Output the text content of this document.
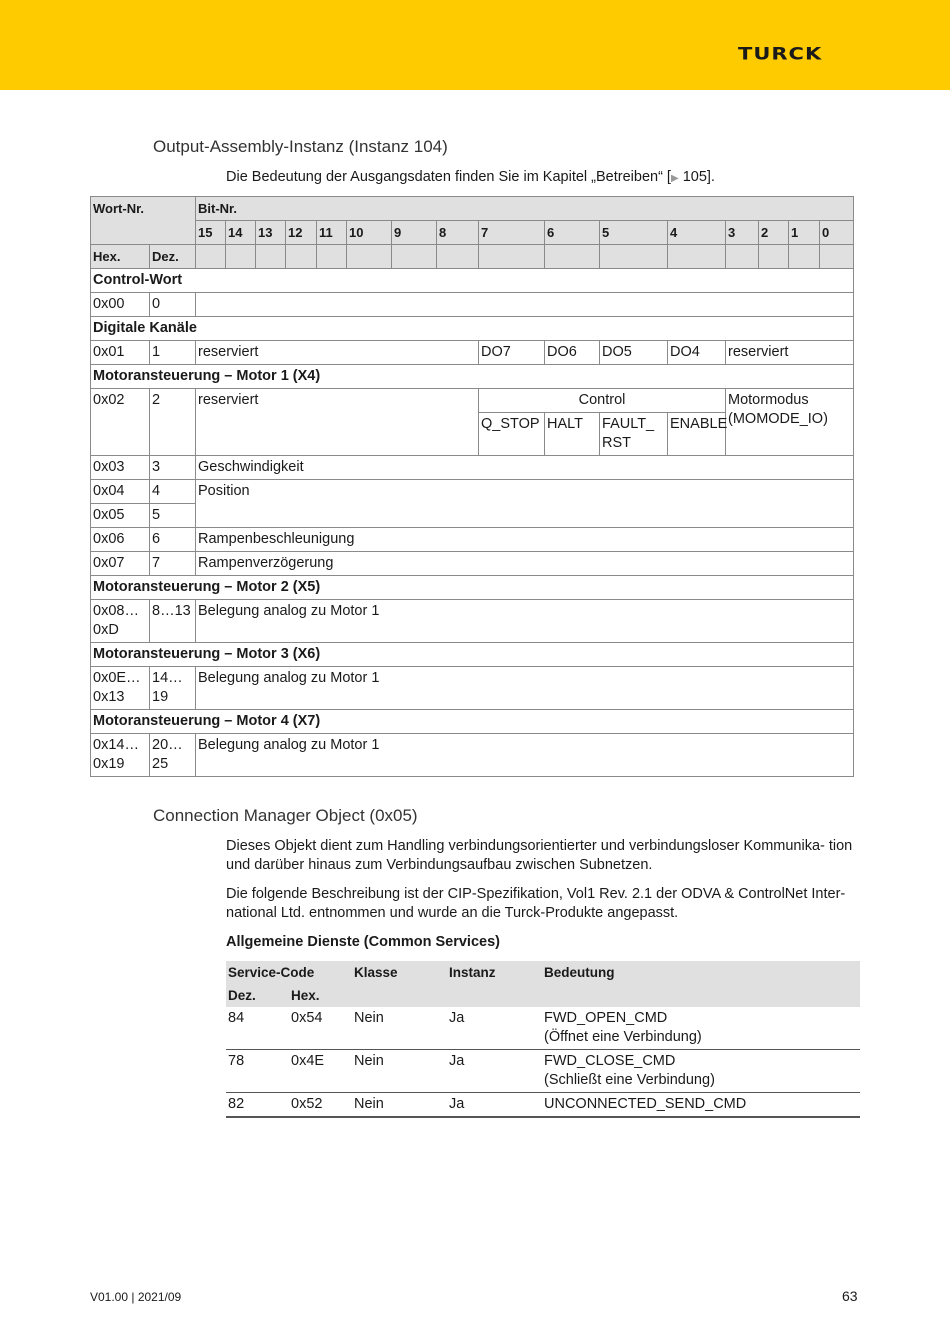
TURCK
Output-Assembly-Instanz (Instanz 104)

Die Bedeutung der Ausgangsdaten finden Sie im Kapitel „Betreiben“ [▶ 105].

Wort-Nr.		Bit-Nr.															
		15	14	13	12	11	10	9	8	7	6	5	4	3	2	1	0
Hex.	Dez.																
Control-Wort																	
0x00	0																
Digitale Kanäle																	
0x01	1	reserviert								DO7	DO6	DO5	DO4	reserviert			
Motoransteuerung – Motor 1 (X4)																	
0x02	2	reserviert								Control				Motormodus (MOMODE_IO)			
										Q_STOP	HALT	FAULT_ RST	ENABLE				
0x03	3	Geschwindigkeit															
0x04	4	Position															
0x05	5																
0x06	6	Rampenbeschleunigung															
0x07	7	Rampenverzögerung															
Motoransteuerung – Motor 2 (X5)																	
0x08… 0xD	8…13	Belegung analog zu Motor 1															
Motoransteuerung – Motor 3 (X6)																	
0x0E… 0x13	14… 19	Belegung analog zu Motor 1															
Motoransteuerung – Motor 4 (X7)																	
0x14… 0x19	20… 25	Belegung analog zu Motor 1															
Connection Manager Object (0x05)

Dieses Objekt dient zum Handling verbindungsorientierter und verbindungsloser Kommunika- tion und darüber hinaus zum Verbindungsaufbau zwischen Subnetzen.

Die folgende Beschreibung ist der CIP-Spezifikation, Vol1 Rev. 2.1 der ODVA & ControlNet Inter- national Ltd. entnommen und wurde an die Turck-Produkte angepasst.

Allgemeine Dienste (Common Services)

Service-Code		Klasse	Instanz	Bedeutung
Dez.	Hex.			
84	0x54	Nein	Ja	FWD_OPEN_CMD
(Öffnet eine Verbindung)

78	0x4E	Nein	Ja	FWD_CLOSE_CMD
(Schließt eine Verbindung)

82	0x52	Nein	Ja	UNCONNECTED_SEND_CMD
V01.00 | 2021/09	63
